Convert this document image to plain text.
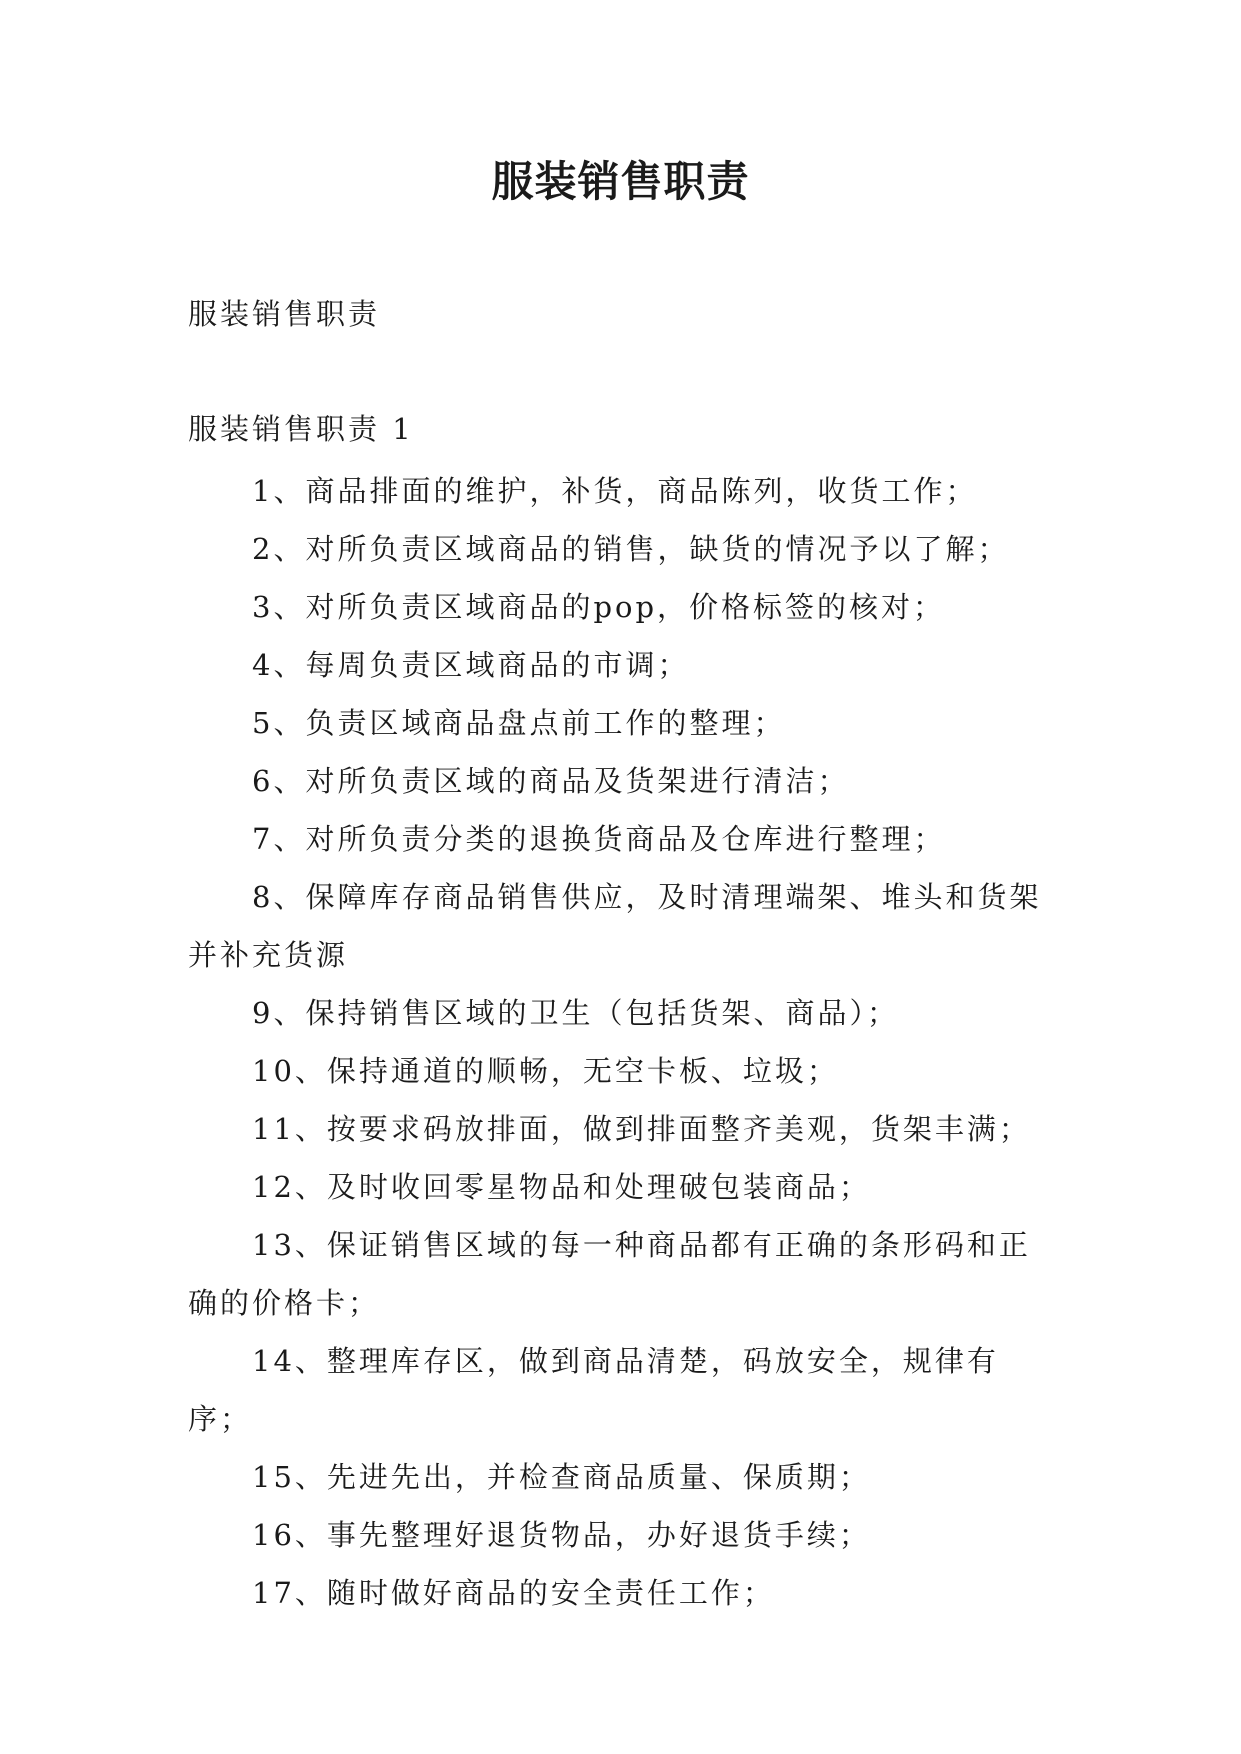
服装销售职责
服装销售职责
服装销售职责 1
1、商品排面的维护，补货，商品陈列，收货工作；
2、对所负责区域商品的销售，缺货的情况予以了解；
3、对所负责区域商品的pop，价格标签的核对；
4、每周负责区域商品的市调；
5、负责区域商品盘点前工作的整理；
6、对所负责区域的商品及货架进行清洁；
7、对所负责分类的退换货商品及仓库进行整理；
8、保障库存商品销售供应，及时清理端架、堆头和货架并补充货源
9、保持销售区域的卫生（包括货架、商品）；
10、保持通道的顺畅，无空卡板、垃圾；
11、按要求码放排面，做到排面整齐美观，货架丰满；
12、及时收回零星物品和处理破包装商品；
13、保证销售区域的每一种商品都有正确的条形码和正确的价格卡；
14、整理库存区，做到商品清楚，码放安全，规律有序；
15、先进先出，并检查商品质量、保质期；
16、事先整理好退货物品，办好退货手续；
17、随时做好商品的安全责任工作；
